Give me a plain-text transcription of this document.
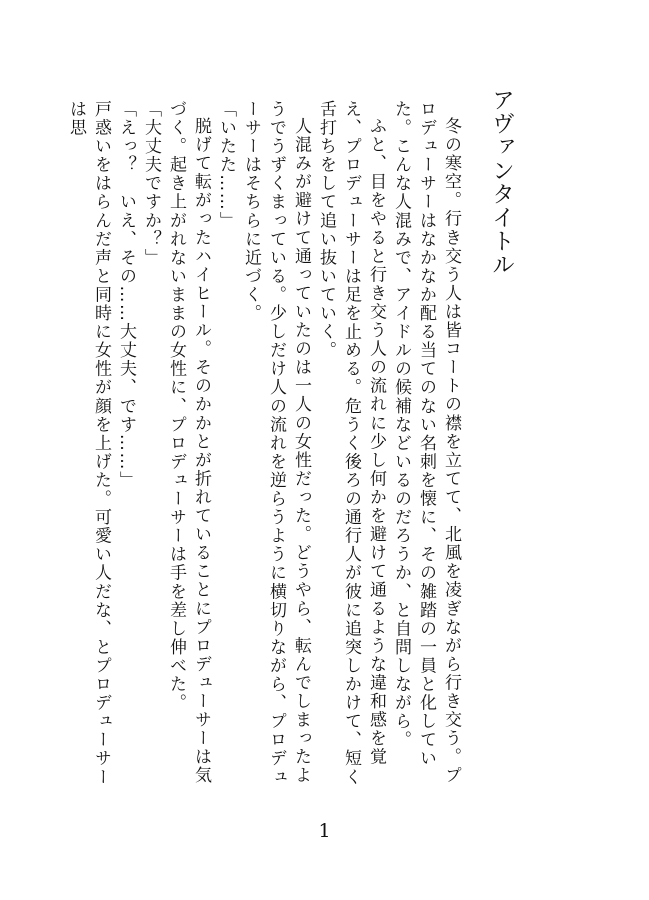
アヴァンタイトル

冬の寒空。行き交う人は皆コートの襟を立てて、北風を凌ぎながら行き交う。プロデューサーはなかなか配る当てのない名刺を懐に、その雑踏の一員と化していた。こんな人混みで、アイドルの候補などいるのだろうか、と自問しながら。

ふと、目をやると行き交う人の流れに少し何かを避けて通るような違和感を覚え、プロデューサーは足を止める。危うく後ろの通行人が彼に追突しかけて、短く舌打ちをして追い抜いていく。

人混みが避けて通っていたのは一人の女性だった。どうやら、転んでしまったようでうずくまっている。少しだけ人の流れを逆らうように横切りながら、プロデューサーはそちらに近づく。

「いたた……」

脱げて転がったハイヒール。そのかかとが折れていることにプロデューサーは気づく。起き上がれないままの女性に、プロデューサーは手を差し伸べた。

「大丈夫ですか？」

「えっ？　いえ、その……大丈夫、です……」

戸惑いをはらんだ声と同時に女性が顔を上げた。可愛い人だな、とプロデューサーは思

1
